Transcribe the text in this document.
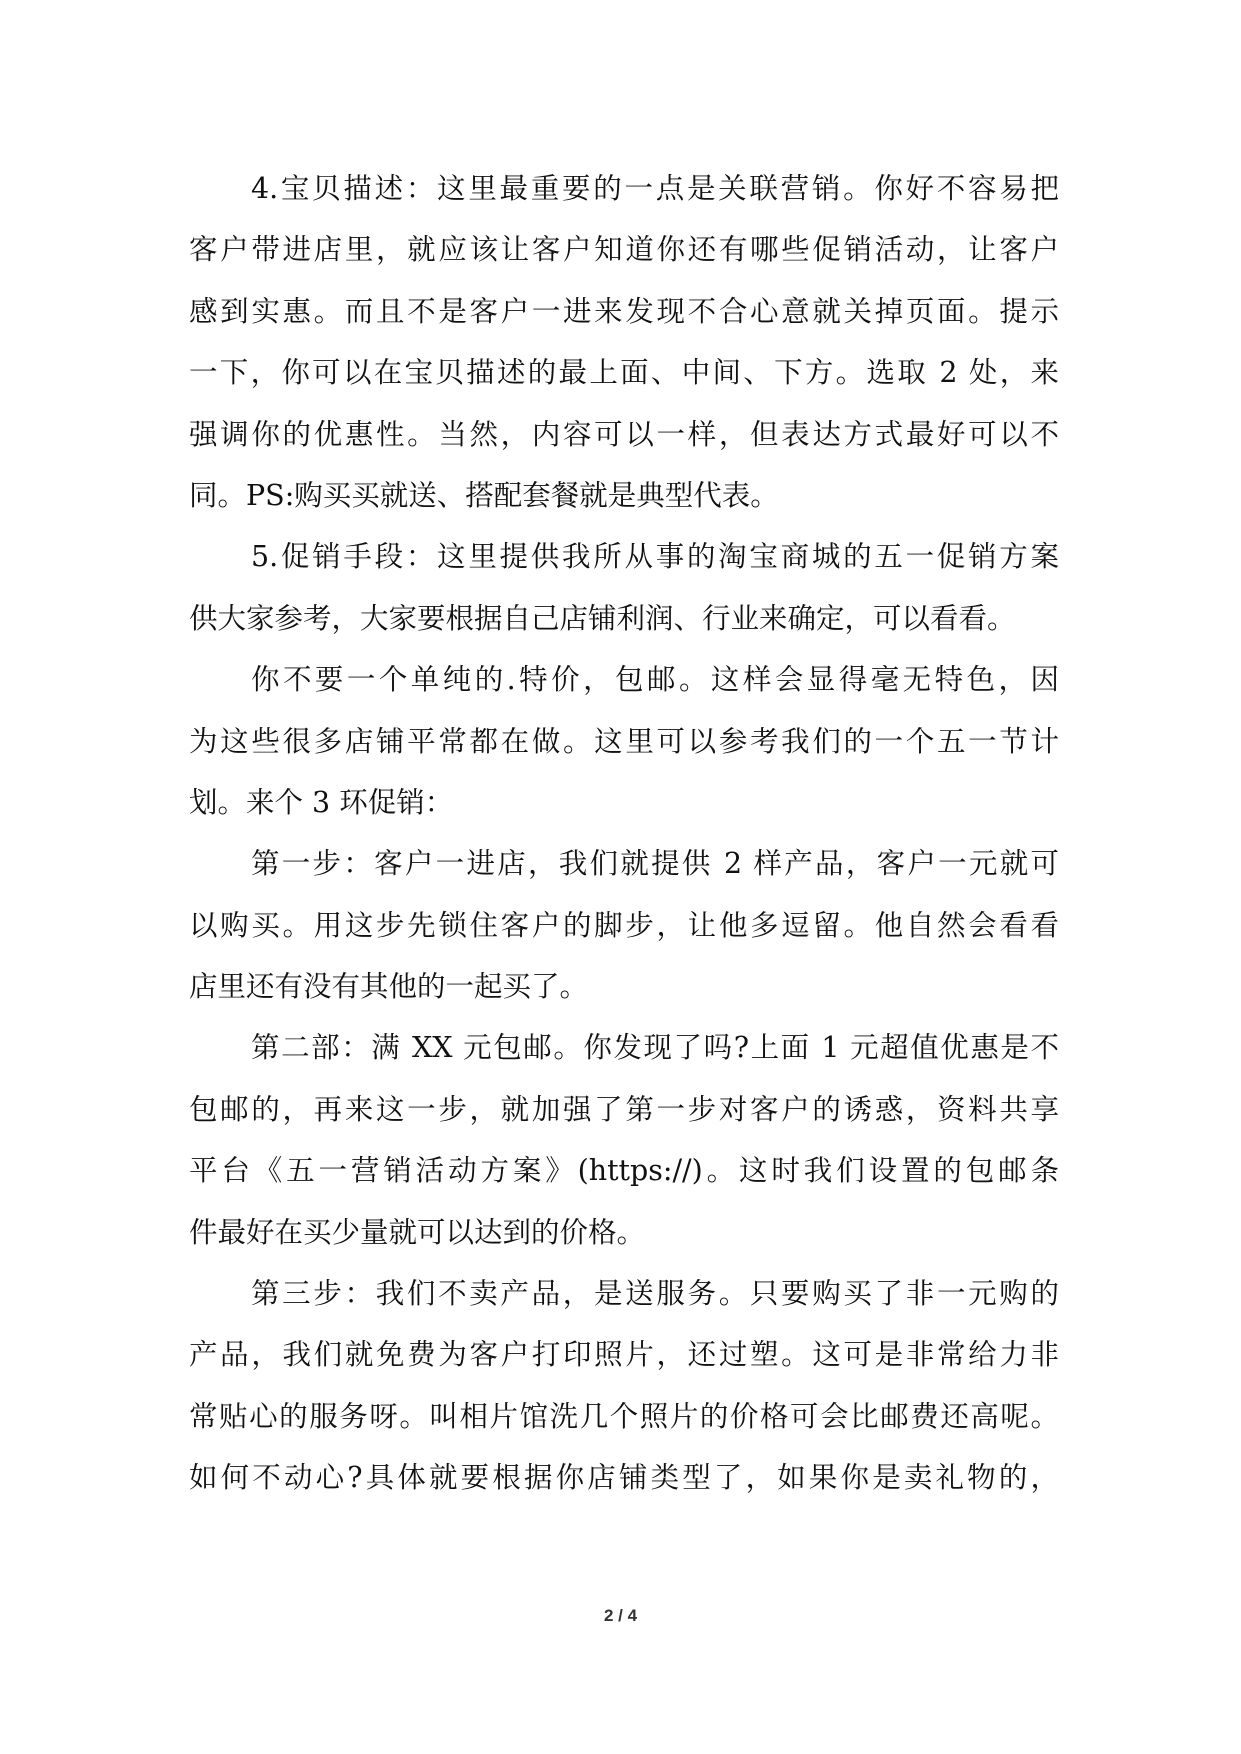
4.宝贝描述：这里最重要的一点是关联营销。你好不容易把
客户带进店里，就应该让客户知道你还有哪些促销活动，让客户
感到实惠。而且不是客户一进来发现不合心意就关掉页面。提示
一下，你可以在宝贝描述的最上面、中间、下方。选取 2 处，来
强调你的优惠性。当然，内容可以一样，但表达方式最好可以不
同。PS:购买买就送、搭配套餐就是典型代表。
5.促销手段：这里提供我所从事的淘宝商城的五一促销方案
供大家参考，大家要根据自己店铺利润、行业来确定，可以看看。
你不要一个单纯的.特价，包邮。这样会显得毫无特色，因
为这些很多店铺平常都在做。这里可以参考我们的一个五一节计
划。来个 3 环促销：
第一步：客户一进店，我们就提供 2 样产品，客户一元就可
以购买。用这步先锁住客户的脚步，让他多逗留。他自然会看看
店里还有没有其他的一起买了。
第二部：满 XX 元包邮。你发现了吗?上面 1 元超值优惠是不
包邮的，再来这一步，就加强了第一步对客户的诱惑，资料共享
平台《五一营销活动方案》(https://)。这时我们设置的包邮条
件最好在买少量就可以达到的价格。
第三步：我们不卖产品，是送服务。只要购买了非一元购的
产品，我们就免费为客户打印照片，还过塑。这可是非常给力非
常贴心的服务呀。叫相片馆洗几个照片的价格可会比邮费还高呢。
如何不动心?具体就要根据你店铺类型了，如果你是卖礼物的，
2 / 4
